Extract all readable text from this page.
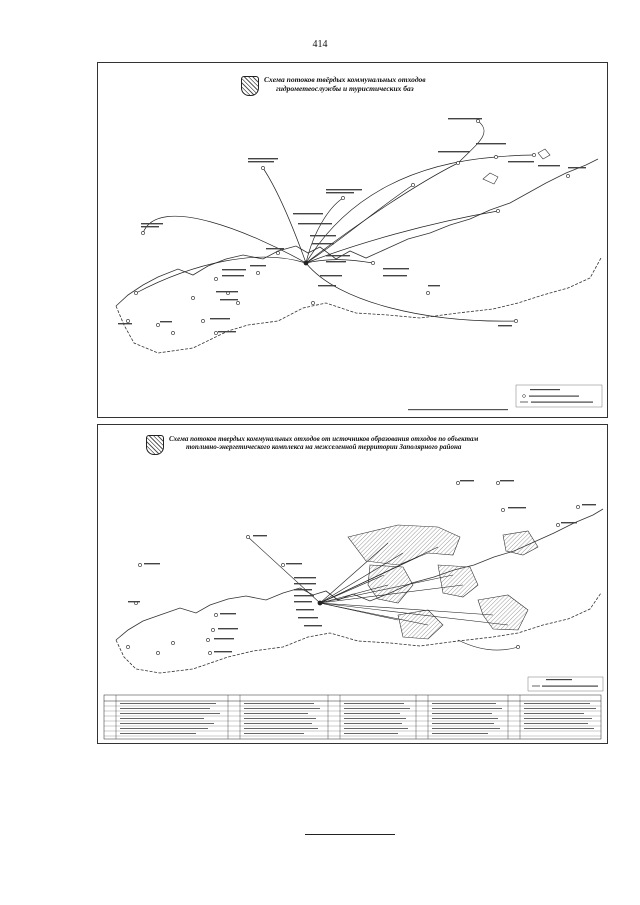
414
Схема потоков твёрдых коммунальных отходов
гидрометеослужбы и туристических баз
Схема потоков твердых коммунальных отходов от источников образования отходов по объектам
топливно-энергетического комплекса на межселенной территории Заполярного района
